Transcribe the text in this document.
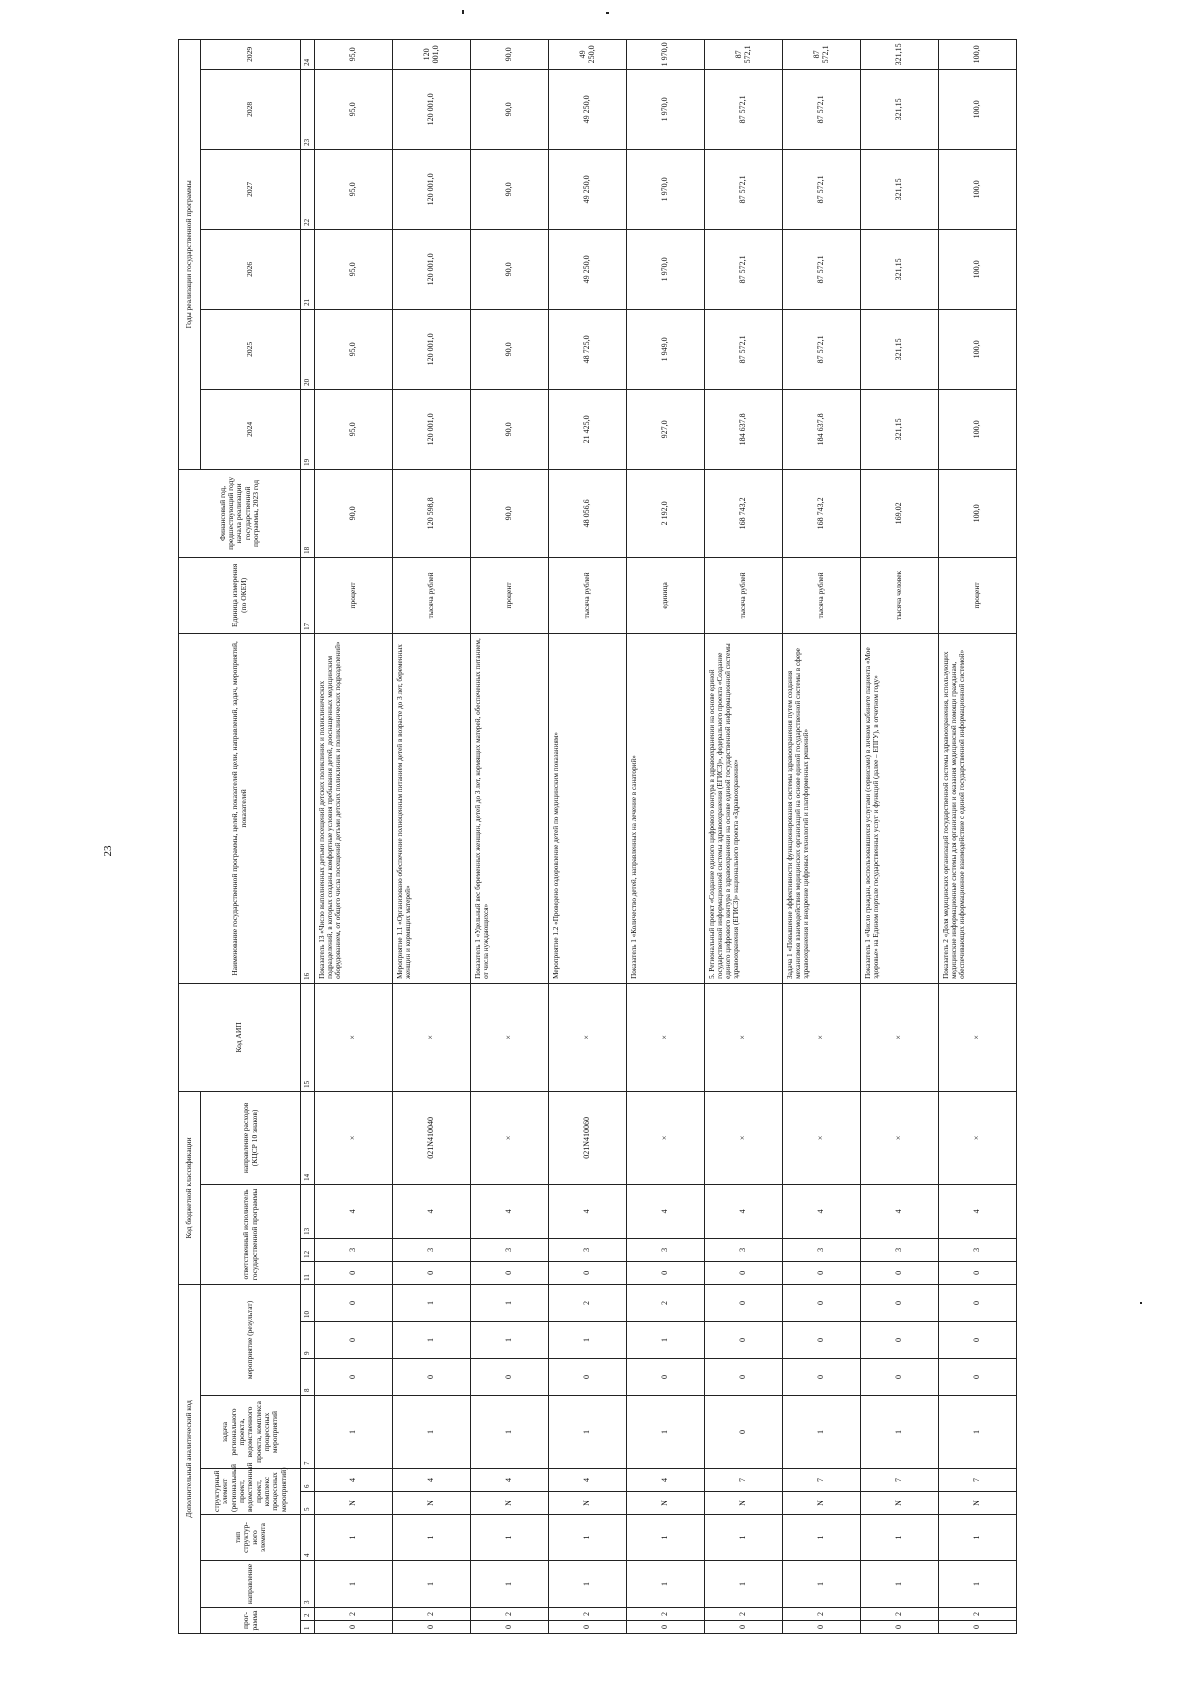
23
Дополнительный аналитический код										Код бюджетной классификации				Код АИП	Наименование государственной программы, целей, показателей цели, направлений, задач, мероприятий, показателей	Единица измерения (по ОКЕИ)	Финансовый год, предшествующий году начала реализации государственной программы, 2023 год	Годы реализации государственной программы					
прог-рамма		направление	тип структур-ного элемента	структурный элемент (региональный проект, ведомственный проект, комплекс процессных мероприятий)		задача регионального проекта, ведомственного проекта, комплекса процессных мероприятий	мероприятие (результат)			ответственный исполнитель государственной программы			направление расходов (КЦСР 10 знаков)					2024	2025	2026	2027	2028	2029
1	2	3	4	5	6	7	8	9	10	11	12	13	14	15	16	17	18	19	20	21	22	23	24
0	2	1	1	N	4	1	0	0	0	0	3	4	×	×	Показатель 13 «Число выполненных детьми посещений детских поликлиник и поликлинических подразделений, в которых созданы комфортные условия пребывания детей, дооснащенных медицинским оборудованием, от общего числа посещений детьми детских поликлиник и поликлинических подразделений»	процент	90,0	95,0	95,0	95,0	95,0	95,0	95,0
0	2	1	1	N	4	1	0	1	1	0	3	4	021N410040	×	Мероприятие 1.1 «Организовано обеспечение полноценным питанием детей в возрасте до 3 лет, беременных женщин и кормящих матерей»	тысяча рублей	120 598,8	120 001,0	120 001,0	120 001,0	120 001,0	120 001,0	120 001,0
0	2	1	1	N	4	1	0	1	1	0	3	4	×	×	Показатель 1 «Удельный вес беременных женщин, детей до 3 лет, кормящих матерей, обеспеченных питанием, от числа нуждающихся»	процент	90,0	90,0	90,0	90,0	90,0	90,0	90,0
0	2	1	1	N	4	1	0	1	2	0	3	4	021N410060	×	Мероприятие 1.2 «Проведено оздоровление детей по медицинским показаниям»	тысяча рублей	48 056,6	21 425,0	48 725,0	49 250,0	49 250,0	49 250,0	49 250,0
0	2	1	1	N	4	1	0	1	2	0	3	4	×	×	Показатель 1 «Количество детей, направленных на лечение в санаторий»	единица	2 192,0	927,0	1 949,0	1 970,0	1 970,0	1 970,0	1 970,0
0	2	1	1	N	7	0	0	0	0	0	3	4	×	×	5. Региональный проект «Создание единого цифрового контура в здравоохранении на основе единой государственной информационной системы здравоохранения (ЕГИСЗ)», федерального проекта «Создание единого цифрового контура в здравоохранении на основе единой государственной информационной системы здравоохранения (ЕГИСЗ)» национального проекта «Здравоохранение»	тысяча рублей	168 743,2	184 637,8	87 572,1	87 572,1	87 572,1	87 572,1	87 572,1
0	2	1	1	N	7	1	0	0	0	0	3	4	×	×	Задача 1 «Повышение эффективности функционирования системы здравоохранения путем создания механизмов взаимодействия медицинских организаций на основе единой государственной системы в сфере здравоохранения и внедрение цифровых технологий и платформенных решений»	тысяча рублей	168 743,2	184 637,8	87 572,1	87 572,1	87 572,1	87 572,1	87 572,1
0	2	1	1	N	7	1	0	0	0	0	3	4	×	×	Показатель 1 «Число граждан, воспользовавшихся услугами (сервисами) в личном кабинете пациента «Мое здоровье» на Едином портале государственных услуг и функций (далее – ЕПГУ), в отчетном году»	тысяча человек	169,02	321,15	321,15	321,15	321,15	321,15	321,15
0	2	1	1	N	7	1	0	0	0	0	3	4	×	×	Показатель 2 «Доля медицинских организаций государственной системы здравоохранения, использующих медицинские информационные системы для организации и оказания медицинской помощи гражданам, обеспечивающих информационное взаимодействие с единой государственной информационной системой»	процент	100,0	100,0	100,0	100,0	100,0	100,0	100,0
